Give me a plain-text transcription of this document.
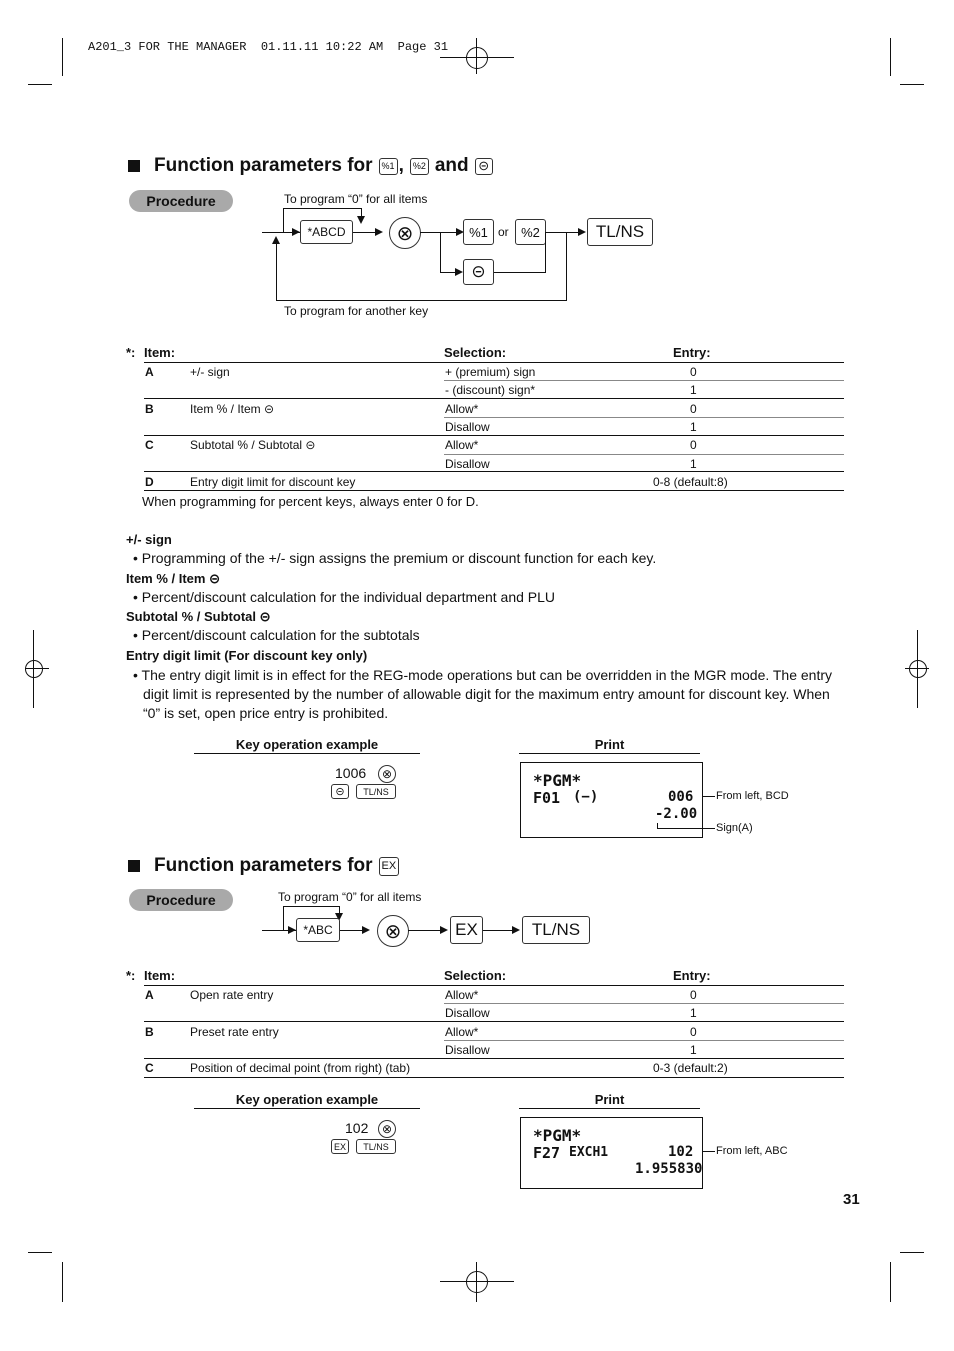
A201_3 FOR THE MANAGER  01.11.11 10:22 AM  Page 31
Function parameters for	%1 ,	%2 and ⊝
Procedure	To program “0” for all items
*ABCD	⊗	%1 or %2
⊝
TL/NS
To program for another key
*: Item:	Selection:	Entry:
A	+/- sign	+ (premium) sign	0
- (discount) sign*	1
B	Item % / Item ⊝	Allow*	0
Disallow	1
C	Subtotal % / Subtotal ⊝	Allow*	0
Disallow	1
D	Entry digit limit for discount key	0-8 (default:8)
When programming for percent keys, always enter 0 for D.
+/- sign
• Programming of the +/- sign assigns the premium or discount function for each key.
Item % / Item ⊝
• Percent/discount calculation for the individual department and PLU
Subtotal % / Subtotal ⊝
• Percent/discount calculation for the subtotals
Entry digit limit (For discount key only)
• The entry digit limit is in effect for the REG-mode operations but can be overridden in the MGR mode. The entry digit limit is represented by the number of allowable digit for the maximum entry amount for discount key. When “0” is set, open price entry is prohibited.
Key operation example	Print
1006	⊗
⊝	TL/NS
*PGM*
F01 (−)	006
-2.00
From left, BCD
Sign(A)
Function parameters for EX
Procedure	To program “0” for all items
*ABC	⊗	EX	TL/NS
*: Item:	Selection:	Entry:
A	Open rate entry	Allow*	0
Disallow	1
B	Preset rate entry	Allow*	0
Disallow	1
C	Position of decimal point (from right) (tab)	0-3 (default:2)
Key operation example	Print
102	⊗
EX	TL/NS
*PGM*
F27 EXCH1	102
1.955830
From left, ABC
31
